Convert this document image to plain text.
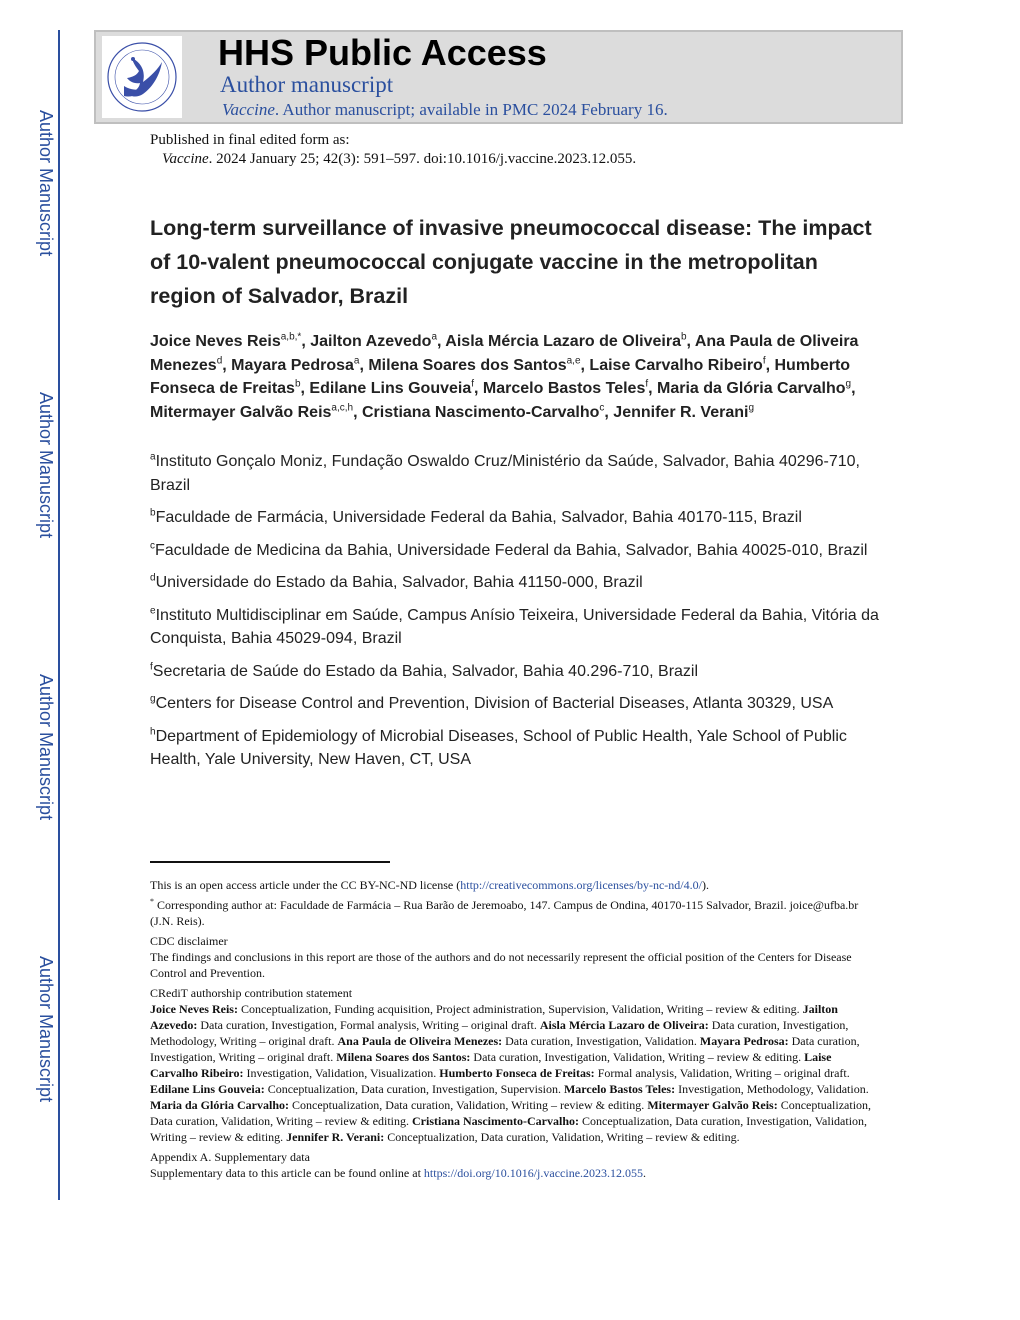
Author Manuscript
Author Manuscript
Author Manuscript
Author Manuscript
HHS Public Access
Author manuscript
Vaccine. Author manuscript; available in PMC 2024 February 16.
Published in final edited form as:
Vaccine. 2024 January 25; 42(3): 591–597. doi:10.1016/j.vaccine.2023.12.055.
Long-term surveillance of invasive pneumococcal disease: The impact of 10-valent pneumococcal conjugate vaccine in the metropolitan region of Salvador, Brazil
Joice Neves Reis$^{a,b,*}$, Jailton Azevedo$^a$, Aisla Mércia Lazaro de Oliveira$^b$, Ana Paula de Oliveira Menezes$^d$, Mayara Pedrosa$^a$, Milena Soares dos Santos$^{a,e}$, Laise Carvalho Ribeiro$^f$, Humberto Fonseca de Freitas$^b$, Edilane Lins Gouveia$^f$, Marcelo Bastos Teles$^f$, Maria da Glória Carvalho$^g$, Mitermayer Galvão Reis$^{a,c,h}$, Cristiana Nascimento-Carvalho$^c$, Jennifer R. Verani$^g$
$^a$Instituto Gonçalo Moniz, Fundação Oswaldo Cruz/Ministério da Saúde, Salvador, Bahia 40296-710, Brazil
$^b$Faculdade de Farmácia, Universidade Federal da Bahia, Salvador, Bahia 40170-115, Brazil
$^c$Faculdade de Medicina da Bahia, Universidade Federal da Bahia, Salvador, Bahia 40025-010, Brazil
$^d$Universidade do Estado da Bahia, Salvador, Bahia 41150-000, Brazil
$^e$Instituto Multidisciplinar em Saúde, Campus Anísio Teixeira, Universidade Federal da Bahia, Vitória da Conquista, Bahia 45029-094, Brazil
$^f$Secretaria de Saúde do Estado da Bahia, Salvador, Bahia 40.296-710, Brazil
$^g$Centers for Disease Control and Prevention, Division of Bacterial Diseases, Atlanta 30329, USA
$^h$Department of Epidemiology of Microbial Diseases, School of Public Health, Yale School of Public Health, Yale University, New Haven, CT, USA

This is an open access article under the CC BY-NC-ND license (http://creativecommons.org/licenses/by-nc-nd/4.0/).

* Corresponding author at: Faculdade de Farmácia – Rua Barão de Jeremoabo, 147. Campus de Ondina, 40170-115 Salvador, Brazil. joice@ufba.br (J.N. Reis).

CDC disclaimer

The findings and conclusions in this report are those of the authors and do not necessarily represent the official position of the Centers for Disease Control and Prevention.

CRediT authorship contribution statement

Joice Neves Reis: Conceptualization, Funding acquisition, Project administration, Supervision, Validation, Writing – review & editing. Jailton Azevedo: Data curation, Investigation, Formal analysis, Writing – original draft. Aisla Mércia Lazaro de Oliveira: Data curation, Investigation, Methodology, Writing – original draft. Ana Paula de Oliveira Menezes: Data curation, Investigation, Validation. Mayara Pedrosa: Data curation, Investigation, Writing – original draft. Milena Soares dos Santos: Data curation, Investigation, Validation, Writing – review & editing. Laise Carvalho Ribeiro: Investigation, Validation, Visualization. Humberto Fonseca de Freitas: Formal analysis, Validation, Writing – original draft. Edilane Lins Gouveia: Conceptualization, Data curation, Investigation, Supervision. Marcelo Bastos Teles: Investigation, Methodology, Validation. Maria da Glória Carvalho: Conceptualization, Data curation, Validation, Writing – review & editing. Mitermayer Galvão Reis: Conceptualization, Data curation, Validation, Writing – review & editing. Cristiana Nascimento-Carvalho: Conceptualization, Data curation, Investigation, Validation, Writing – review & editing. Jennifer R. Verani: Conceptualization, Data curation, Validation, Writing – review & editing.

Appendix A. Supplementary data

Supplementary data to this article can be found online at https://doi.org/10.1016/j.vaccine.2023.12.055.
